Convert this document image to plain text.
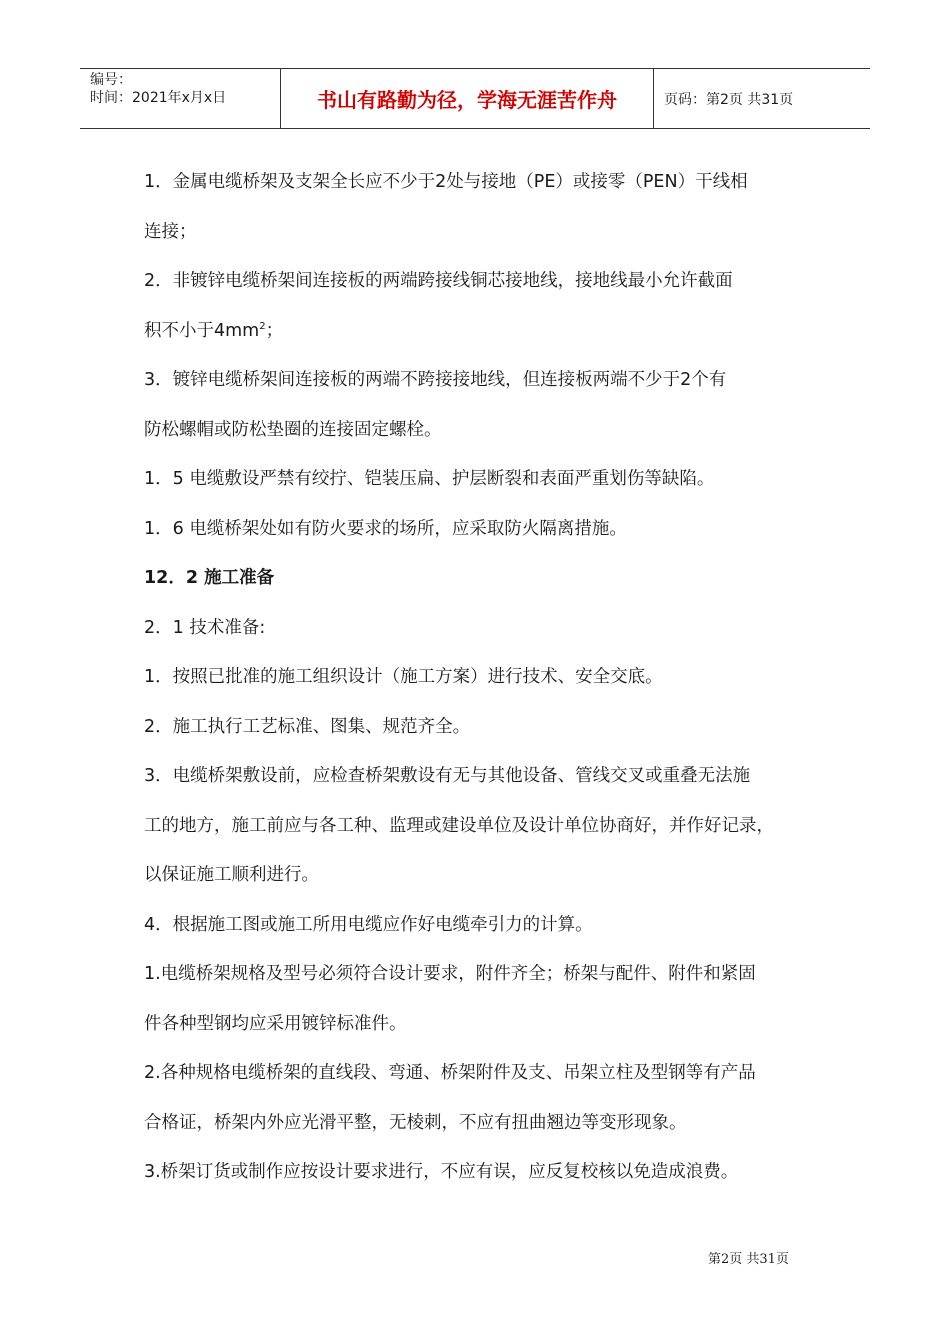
编号：
时间：2021年x月x日	书山有路勤为径，学海无涯苦作舟	页码：第2页 共31页

1．金属电缆桥架及支架全长应不少于2处与接地（PE）或接零（PEN）干线相

连接；

2．非镀锌电缆桥架间连接板的两端跨接线铜芯接地线，接地线最小允许截面

积不小于$4mm^2$；

3．镀锌电缆桥架间连接板的两端不跨接接地线，但连接板两端不少于2个有

防松螺帽或防松垫圈的连接固定螺栓。

1．5 电缆敷设严禁有绞拧、铠装压扁、护层断裂和表面严重划伤等缺陷。

1．6 电缆桥架处如有防火要求的场所，应采取防火隔离措施。

12．2 施工准备

2．1 技术准备:

1．按照已批准的施工组织设计（施工方案）进行技术、安全交底。

2．施工执行工艺标准、图集、规范齐全。

3．电缆桥架敷设前，应检查桥架敷设有无与其他设备、管线交叉或重叠无法施

工的地方，施工前应与各工种、监理或建设单位及设计单位协商好，并作好记录，

以保证施工顺利进行。

4．根据施工图或施工所用电缆应作好电缆牵引力的计算。

1.电缆桥架规格及型号必须符合设计要求，附件齐全；桥架与配件、附件和紧固

件各种型钢均应采用镀锌标准件。

2.各种规格电缆桥架的直线段、弯通、桥架附件及支、吊架立柱及型钢等有产品

合格证，桥架内外应光滑平整，无棱刺，不应有扭曲翘边等变形现象。

3.桥架订货或制作应按设计要求进行，不应有误，应反复校核以免造成浪费。

第2页 共31页
